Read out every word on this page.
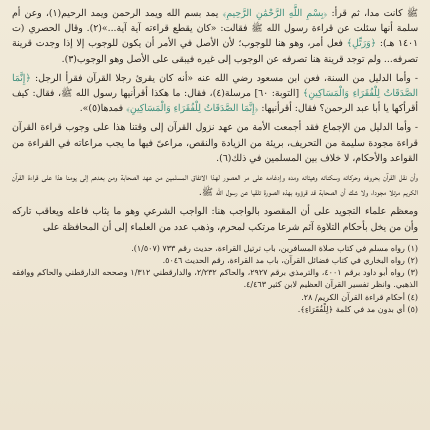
ﷺ كانت مدا، ثم قرأ: ﴿بِسْمِ اللَّهِ الرَّحْمَٰنِ الرَّحِيمِ﴾ يمد بسم الله ويمد الرحمن ويمد الرحيم(١)، وعن أم سلمة أنها سئلت عن قراءة رسول الله ﷺ فقالت: «كان يقطع قراءته آية آية...»(٢). وقال الحصري (ت ١٤٠١ هـ): ﴿وَرَتِّلِ﴾ فعل أمر، وهو هنا للوجوب؛ لأن الأصل في الأمر أن يكون للوجوب إلا إذا وجدت قرينة تصرفه... ولم توجد قرينة هنا تصرفه عن الوجوب إلى غيره فيبقى على الأصل وهو الوجوب(٣).

- وأما الدليل من السنة، فعن ابن مسعود رضي الله عنه «أنه كان يقرئ رجلا القرآن فقرأ الرجل: ﴿إِنَّمَا الصَّدَقَاتُ لِلْفُقَرَاءِ وَالْمَسَاكِينِ﴾ [التوبة: ٦٠] مرسلة(٤)، فقال: ما هكذا أقرأنيها رسول الله ﷺ، فقال: كيف أقرأكها يا أبا عبد الرحمن؟ فقال: أقرأنيها: ﴿إِنَّمَا الصَّدَقَاتُ لِلْفُقَرَاءِ وَالْمَسَاكِينِ﴾ فمدها(٥)».

- وأما الدليل من الإجماع فقد أجمعت الأمة من عهد نزول القرآن إلى وقتنا هذا على وجوب قراءة القرآن قراءة مجودة سليمة من التحريف، بريئة من الزيادة والنقص، مراعىً فيها ما يجب مراعاته في القراءة من القواعد والأحكام، لا خلاف بين المسلمين في ذلك(٦).

وأن نقل القرآن بحروفه وحركاته وسكناته وهيئاته ومده وإدغامه على مر العصور لهذا الاتفاق المسلمين من عهد الصحابة ومن بعدهم إلى يومنا هذا على قراءة القرآن الكريم مرتلا مجودا، ولا شك أن الصحابة قد قرؤوه بهذه الصورة تلقيا عن رسول الله ﷺ.

ومعظم علماء التجويد على أن المقصود بالواجب هنا: الواجب الشرعي وهو ما يثاب فاعله ويعاقب تاركه وأن من يخل بأحكام التلاوة آثم شرعا مرتكب لمحرم، وذهب عدد من العلماء إلى أن المحافظة على

(١) رواه مسلم في كتاب صلاة المسافرين، باب ترتيل القراءة، حديث رقم ٧٣٣ (١/٥٠٧).
(٢) رواه البخاري في كتاب فضائل القرآن، باب مد القراءة، رقم الحديث ٥٠٤٦.
(٣) رواه أبو داود برقم ٤٠٠١، والترمذي برقم ٢٩٢٧، والحاكم ٢/٢٣٢، والدارقطني ١/٣١٢ وصححه الدارقطني والحاكم ووافقه الذهبي. وانظر تفسير القرآن العظيم لابن كثير ٤/٤٦٣.
(٤) أحكام قراءة القرآن الكريم/ ٢٨.
(٥) أي بدون مد في كلمة ﴿لِلْفُقَرَاءِ﴾.
